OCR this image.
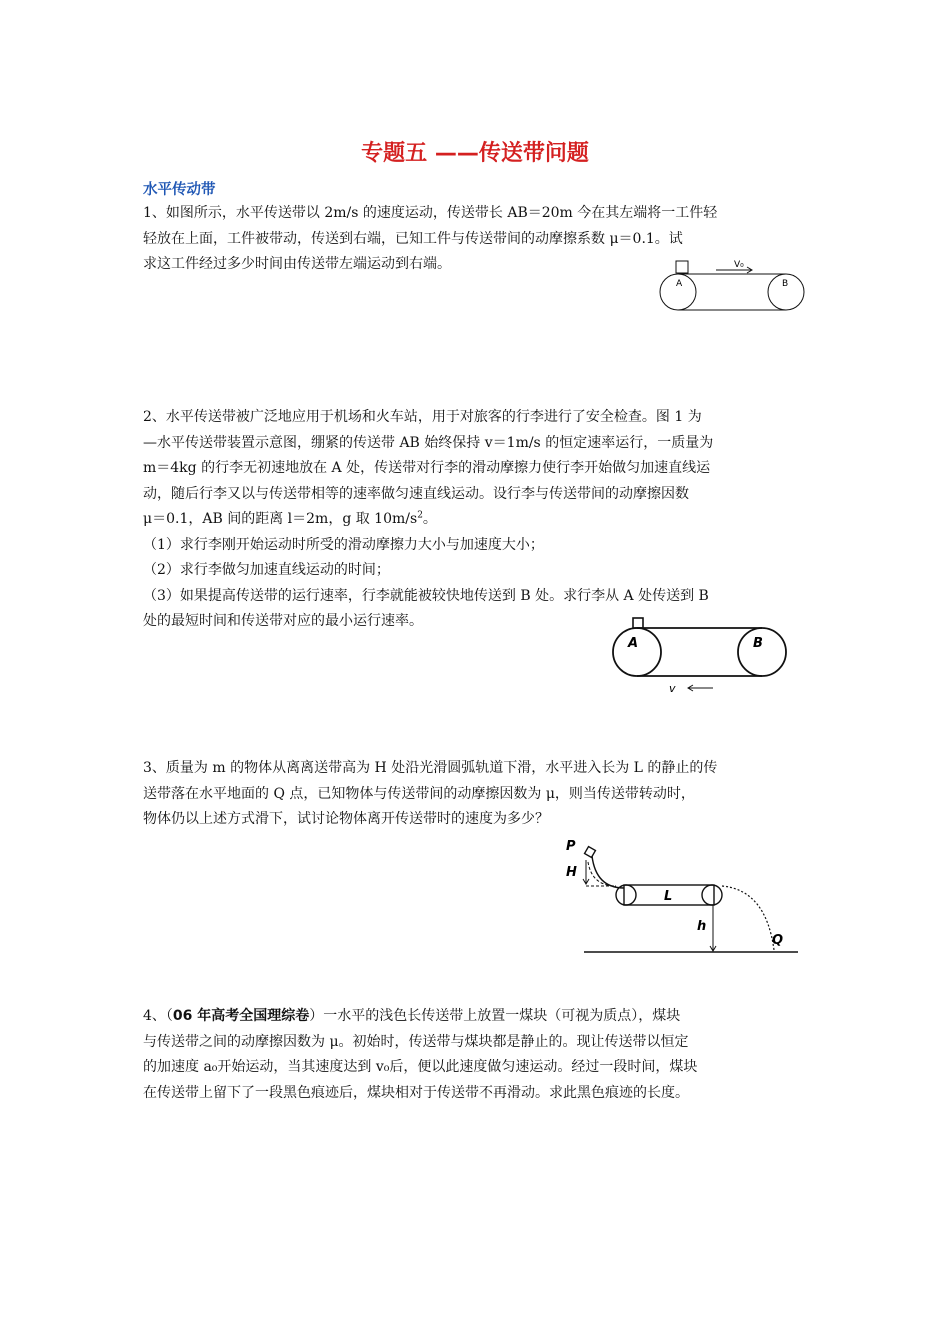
专题五 ——传送带问题
水平传动带
1、如图所示，水平传送带以 2m/s 的速度运动，传送带长 AB＝20m 今在其左端将一工件轻
轻放在上面，工件被带动，传送到右端，已知工件与传送带间的动摩擦系数 μ＝0.1。试
求这工件经过多少时间由传送带左端运动到右端。	V₀
A	B
2、水平传送带被广泛地应用于机场和火车站，用于对旅客的行李进行了安全检查。图 1 为
—水平传送带装置示意图，绷紧的传送带 AB 始终保持 v＝1m/s 的恒定速率运行，一质量为
m＝4kg 的行李无初速地放在 A 处，传送带对行李的滑动摩擦力使行李开始做匀加速直线运
动，随后行李又以与传送带相等的速率做匀速直线运动。设行李与传送带间的动摩擦因数
μ＝0.1，AB 间的距离 l＝2m，g 取 $10m/s^2$。
（1）求行李刚开始运动时所受的滑动摩擦力大小与加速度大小；
（2）求行李做匀加速直线运动的时间；
（3）如果提高传送带的运行速率，行李就能被较快地传送到 B 处。求行李从 A 处传送到 B
处的最短时间和传送带对应的最小运行速率。
A	B
v
3、质量为 m 的物体从离离送带高为 H 处沿光滑圆弧轨道下滑，水平进入长为 L 的静止的传
送带落在水平地面的 Q 点，已知物体与传送带间的动摩擦因数为 μ，则当传送带转动时，
物体仍以上述方式滑下，试讨论物体离开传送带时的速度为多少？
P
H
L
h
Q
4、（06 年高考全国理综卷）一水平的浅色长传送带上放置一煤块（可视为质点），煤块
与传送带之间的动摩擦因数为 μ。初始时，传送带与煤块都是静止的。现让传送带以恒定
的加速度 a₀开始运动，当其速度达到 v₀后，便以此速度做匀速运动。经过一段时间，煤块
在传送带上留下了一段黑色痕迹后，煤块相对于传送带不再滑动。求此黑色痕迹的长度。
